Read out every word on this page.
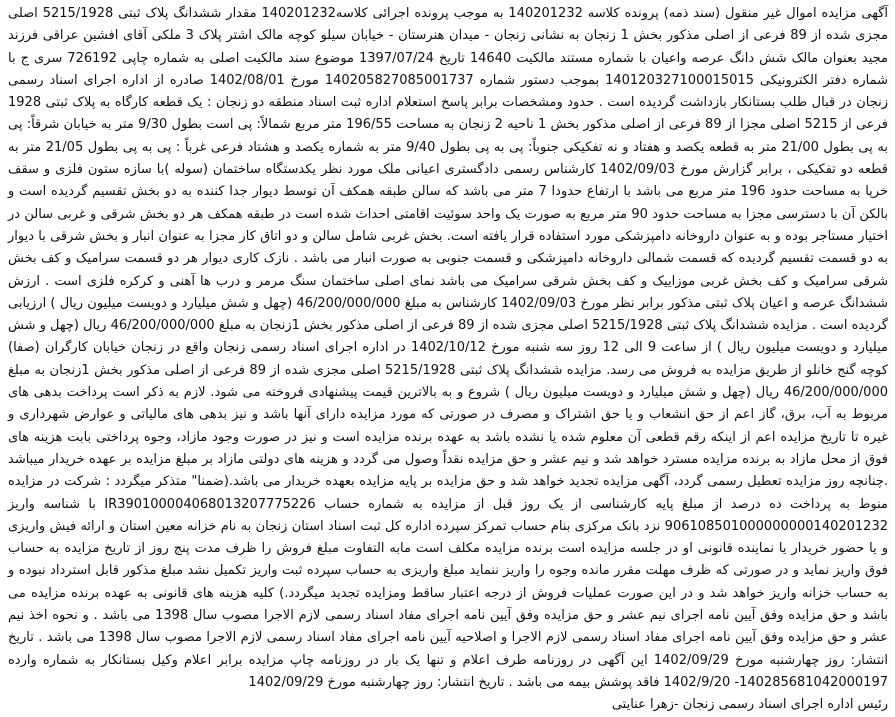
آگهی مزایده اموال غیر منقول (سند ذمه) پرونده کلاسه 140201232 به موجب پرونده اجرائی کلاسه140201232 مقدار ششدانگ پلاک ثبتی 5215/1928 اصلی مجزی شده از 89 فرعی از اصلی مذکور بخش 1 زنجان به نشانی زنجان - میدان هنرستان - خیابان سیلو کوچه مالک اشتر پلاک 3 ملکی آقای افشین عراقی فرزند مجید بعنوان مالک شش دانگ عرصه واعیان با شماره مستند مالکیت 14640 تاریخ 1397/07/24 موضوع سند مالکیت اصلی به شماره چاپی 726192 سری ج با شماره دفتر الکترونیکی 140120327100015015 بموجب دستور شماره 140205827085001737 مورخ 1402/08/01 صادره از اداره اجرای اسناد رسمی زنجان در قبال طلب بستانکار بازداشت گردیده است . حدود ومشخصات برابر پاسخ استعلام اداره ثبت اسناد منطقه دو زنجان : یک قطعه کارگاه به پلاک ثبتی 1928 فرعی از 5215 اصلی مجزا از 89 فرعی از اصلی مذکور بخش 1 ناحیه 2 زنجان به مساحت 196/55 متر مربع شمالاً: پی است بطول 9/30 متر به خیابان شرقاً: پی به پی بطول 21/00 متر به قطعه یکصد و هفتاد و نه تفکیکی جنوباً: پی به پی بطول 9/40 متر به شماره یکصد و هشتاد فرعی غرباً : پی به پی بطول 21/05 متر به قطعه دو تفکیکی ، برابر گزارش مورخ 1402/09/03 کارشناس رسمی دادگستری اعیانی ملک مورد نظر یکدستگاه ساختمان (سوله )با سازه ستون فلزی و سقف خرپا به مساحت حدود 196 متر مربع می باشد با ارتفاع حدودا 7 متر می باشد که سالن طبقه همکف آن توسط دیوار جدا کننده به دو بخش تقسیم گردیده است و بالکن آن با دسترسی مجزا به مساحت حدود 90 متر مربع به صورت یک واحد سوئیت اقامتی احداث شده است در طبقه همکف هر دو بخش شرقی و غربی سالن در اختیار مستاجر بوده و به عنوان داروخانه دامپزشکی مورد استفاده قرار یافته است. بخش غربی شامل سالن و دو اتاق کار مجزا به عنوان انبار و بخش شرقی با دیوار به دو قسمت تقسیم گردیده که قسمت شمالی داروخانه دامپزشکی و قسمت جنوبی به صورت انبار می باشد . نازک کاری دیوار هر دو قسمت سرامیک و کف بخش شرقی سرامیک و کف بخش غربی موزاییک و کف بخش شرقی سرامیک می باشد نمای اصلی ساختمان سنگ مرمر و درب ها آهنی و کرکره فلزی است . ارزش ششدانگ عرصه و اعیان پلاک ثبتی مذکور برابر نظر مورخ 1402/09/03 کارشناس به مبلغ 46/200/000/000 (چهل و شش میلیارد و دویست میلیون ریال ) ارزیابی گردیده است . مزایده ششدانگ پلاک ثبتی 5215/1928 اصلی مجزی شده از 89 فرعی از اصلی مذکور بخش 1زنجان به مبلغ 46/200/000/000 ریال (چهل و شش میلیارد و دویست میلیون ریال ) از ساعت 9 الی 12 روز سه شنبه مورخ 1402/10/12 در اداره اجرای اسناد رسمی زنجان واقع در زنجان خیابان کارگران (صفا) کوچه گنج خانلو از طریق مزایده به فروش می رسد. مزایده ششدانگ پلاک ثبتی 5215/1928 اصلی مجزی شده از 89 فرعی از اصلی مذکور بخش 1زنجان به مبلغ 46/200/000/000 ریال (چهل و شش میلیارد و دویست میلیون ریال ) شروع و به بالاترین قیمت پیشنهادی فروخته می شود. لازم به ذکر است پرداخت بدهی های مربوط به آب، برق، گاز اعم از حق انشعاب و یا حق اشتراک و مصرف در صورتی که مورد مزایده دارای آنها باشد و نیز بدهی های مالیاتی و عوارض شهرداری و غیره تا تاریخ مزایده اعم از اینکه رقم قطعی آن معلوم شده یا نشده باشد به عهده برنده مزایده است و نیز در صورت وجود مازاد، وجوه پرداختی بابت هزینه های فوق از محل مازاد به برنده مزایده مسترد خواهد شد و نیم عشر و حق مزایده نقداً وصول می گردد و هزینه های دولتی مازاد بر مبلغ مزایده بر عهده خریدار میباشد .چنانچه روز مزایده تعطیل رسمی گردد، آگهی مزایده تجدید خواهد شد و حق مزایده بر پایه مزایده بعهده خریدار می باشد.(ضمنا" متذکر میگردد : شرکت در مزایده منوط به پرداخت ده درصد از مبلغ پایه کارشناسی از یک روز قبل از مزایده به شماره حساب IR390100004068013207775226 با شناسه واریز 906108501000000000140201232 نزد بانک مرکزی بنام حساب تمرکز سپرده اداره کل ثبت اسناد استان زنجان به نام خزانه معین استان و ارائه فیش واریزی و یا حضور خریدار یا نماینده قانونی او در جلسه مزایده است برنده مزایده مکلف است مابه التفاوت مبلغ فروش را ظرف مدت پنج روز از تاریخ مزایده به حساب فوق واریز نماید و در صورتی که ظرف مهلت مقرر مانده وجوه را واریز ننماید مبلغ واریزی به حساب سپرده ثبت واریز تکمیل نشد مبلغ مذکور قابل استرداد نبوده و به حساب خزانه واریز خواهد شد و در این صورت عملیات فروش از درجه اعتبار ساقط ومزایده تجدید میگردد.) کلیه هزینه های قانونی به عهده برنده مزایده می باشد و حق مزایده وفق آیین نامه اجرای نیم عشر و حق مزایده وفق آیین نامه اجرای مفاد اسناد رسمی لازم الاجرا مصوب سال 1398 می باشد . و نحوه اخذ نیم عشر و حق مزایده وفق آیین نامه اجرای مفاد اسناد رسمی لازم الاجرا و اصلاحیه آیین نامه اجرای مفاد اسناد رسمی لازم الاجرا مصوب سال 1398 می باشد . تاریخ انتشار: روز چهارشنبه مورخ 1402/09/29 این آگهی در روزنامه طرف اعلام و تنها یک بار در روزنامه چاپ مزایده برابر اعلام وکیل بستانکار به شماره وارده 140285681042000197- 1402/9/20 فاقد پوشش بیمه می باشد . تاریخ انتشار: روز چهارشنبه مورخ 1402/09/29
رئیس اداره اجرای اسناد رسمی زنجان -زهرا عنایتی
